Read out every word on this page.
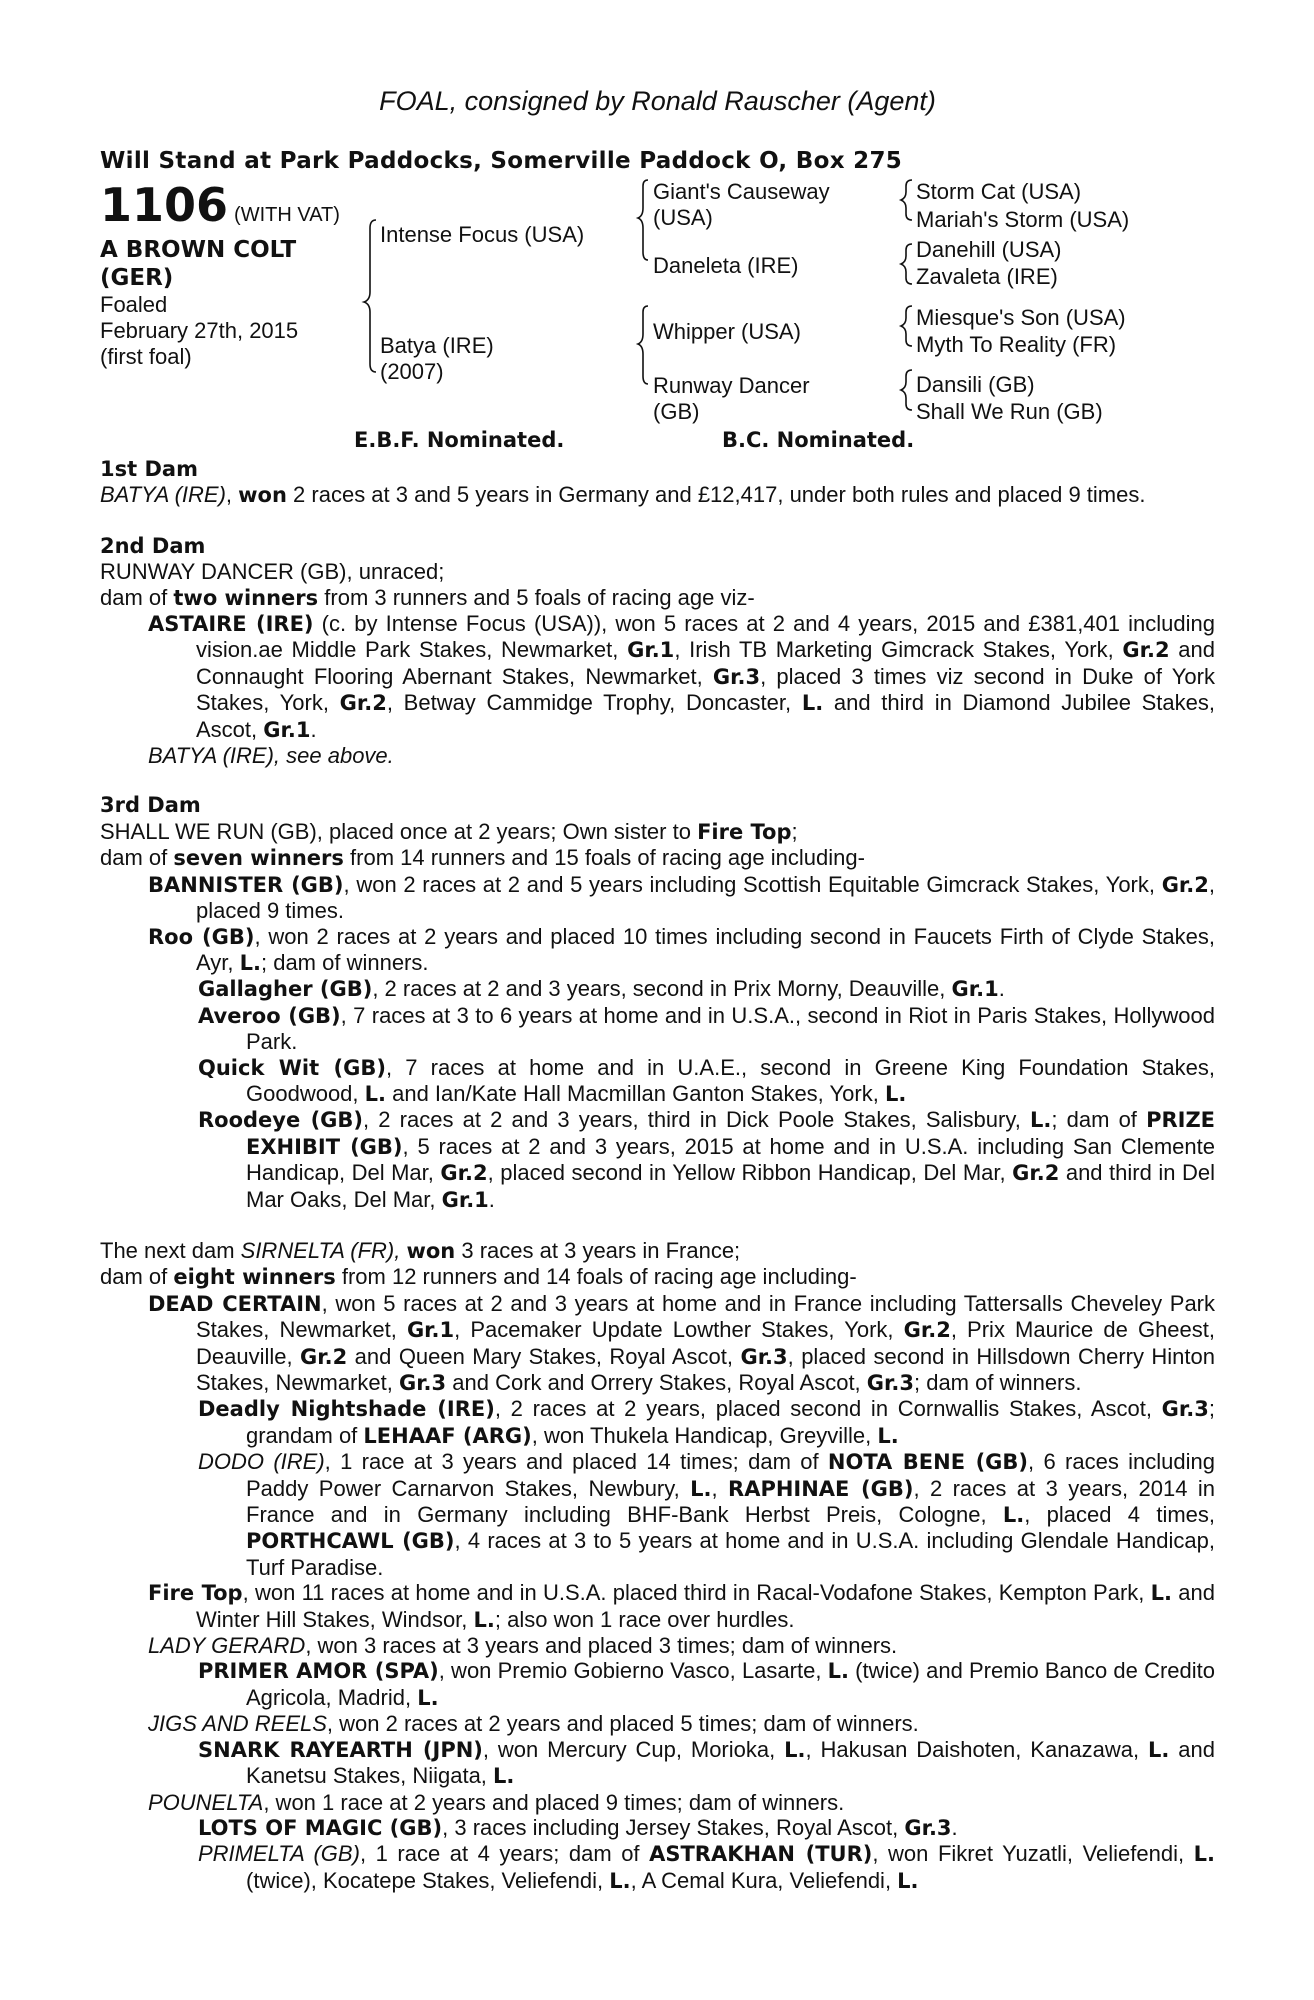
FOAL, consigned by Ronald Rauscher (Agent)
Will Stand at Park Paddocks, Somerville Paddock O, Box 275
1106 (WITH VAT)
A BROWN COLT
(GER)
Foaled
February 27th, 2015
(first foal)
Intense Focus (USA)
Batya (IRE)
(2007)
Giant's Causeway
(USA)
Daneleta (IRE)
Whipper (USA)
Runway Dancer
(GB)
Storm Cat (USA)
Mariah's Storm (USA)
Danehill (USA)
Zavaleta (IRE)
Miesque's Son (USA)
Myth To Reality (FR)
Dansili (GB)
Shall We Run (GB)
E.B.F. Nominated.	B.C. Nominated.

1st Dam

BATYA (IRE), won 2 races at 3 and 5 years in Germany and £12,417, under both rules and placed 9 times.

2nd Dam

RUNWAY DANCER (GB), unraced;

dam of two winners from 3 runners and 5 foals of racing age viz-

ASTAIRE (IRE) (c. by Intense Focus (USA)), won 5 races at 2 and 4 years, 2015 and £381,401 including vision.ae Middle Park Stakes, Newmarket, Gr.1, Irish TB Marketing Gimcrack Stakes, York, Gr.2 and Connaught Flooring Abernant Stakes, Newmarket, Gr.3, placed 3 times viz second in Duke of York Stakes, York, Gr.2, Betway Cammidge Trophy, Doncaster, L. and third in Diamond Jubilee Stakes, Ascot, Gr.1.

BATYA (IRE), see above.

3rd Dam

SHALL WE RUN (GB), placed once at 2 years; Own sister to Fire Top;

dam of seven winners from 14 runners and 15 foals of racing age including-

BANNISTER (GB), won 2 races at 2 and 5 years including Scottish Equitable Gimcrack Stakes, York, Gr.2, placed 9 times.

Roo (GB), won 2 races at 2 years and placed 10 times including second in Faucets Firth of Clyde Stakes, Ayr, L.; dam of winners.

Gallagher (GB), 2 races at 2 and 3 years, second in Prix Morny, Deauville, Gr.1.

Averoo (GB), 7 races at 3 to 6 years at home and in U.S.A., second in Riot in Paris Stakes, Hollywood Park.

Quick Wit (GB), 7 races at home and in U.A.E., second in Greene King Foundation Stakes, Goodwood, L. and Ian/Kate Hall Macmillan Ganton Stakes, York, L.

Roodeye (GB), 2 races at 2 and 3 years, third in Dick Poole Stakes, Salisbury, L.; dam of PRIZE EXHIBIT (GB), 5 races at 2 and 3 years, 2015 at home and in U.S.A. including San Clemente Handicap, Del Mar, Gr.2, placed second in Yellow Ribbon Handicap, Del Mar, Gr.2 and third in Del Mar Oaks, Del Mar, Gr.1.

The next dam SIRNELTA (FR), won 3 races at 3 years in France;

dam of eight winners from 12 runners and 14 foals of racing age including-

DEAD CERTAIN, won 5 races at 2 and 3 years at home and in France including Tattersalls Cheveley Park Stakes, Newmarket, Gr.1, Pacemaker Update Lowther Stakes, York, Gr.2, Prix Maurice de Gheest, Deauville, Gr.2 and Queen Mary Stakes, Royal Ascot, Gr.3, placed second in Hillsdown Cherry Hinton Stakes, Newmarket, Gr.3 and Cork and Orrery Stakes, Royal Ascot, Gr.3; dam of winners.

Deadly Nightshade (IRE), 2 races at 2 years, placed second in Cornwallis Stakes, Ascot, Gr.3; grandam of LEHAAF (ARG), won Thukela Handicap, Greyville, L.

DODO (IRE), 1 race at 3 years and placed 14 times; dam of NOTA BENE (GB), 6 races including Paddy Power Carnarvon Stakes, Newbury, L., RAPHINAE (GB), 2 races at 3 years, 2014 in France and in Germany including BHF-Bank Herbst Preis, Cologne, L., placed 4 times, PORTHCAWL (GB), 4 races at 3 to 5 years at home and in U.S.A. including Glendale Handicap, Turf Paradise.

Fire Top, won 11 races at home and in U.S.A. placed third in Racal-Vodafone Stakes, Kempton Park, L. and Winter Hill Stakes, Windsor, L.; also won 1 race over hurdles.

LADY GERARD, won 3 races at 3 years and placed 3 times; dam of winners.

PRIMER AMOR (SPA), won Premio Gobierno Vasco, Lasarte, L. (twice) and Premio Banco de Credito Agricola, Madrid, L.

JIGS AND REELS, won 2 races at 2 years and placed 5 times; dam of winners.

SNARK RAYEARTH (JPN), won Mercury Cup, Morioka, L., Hakusan Daishoten, Kanazawa, L. and Kanetsu Stakes, Niigata, L.

POUNELTA, won 1 race at 2 years and placed 9 times; dam of winners.

LOTS OF MAGIC (GB), 3 races including Jersey Stakes, Royal Ascot, Gr.3.

PRIMELTA (GB), 1 race at 4 years; dam of ASTRAKHAN (TUR), won Fikret Yuzatli, Veliefendi, L. (twice), Kocatepe Stakes, Veliefendi, L., A Cemal Kura, Veliefendi, L.
